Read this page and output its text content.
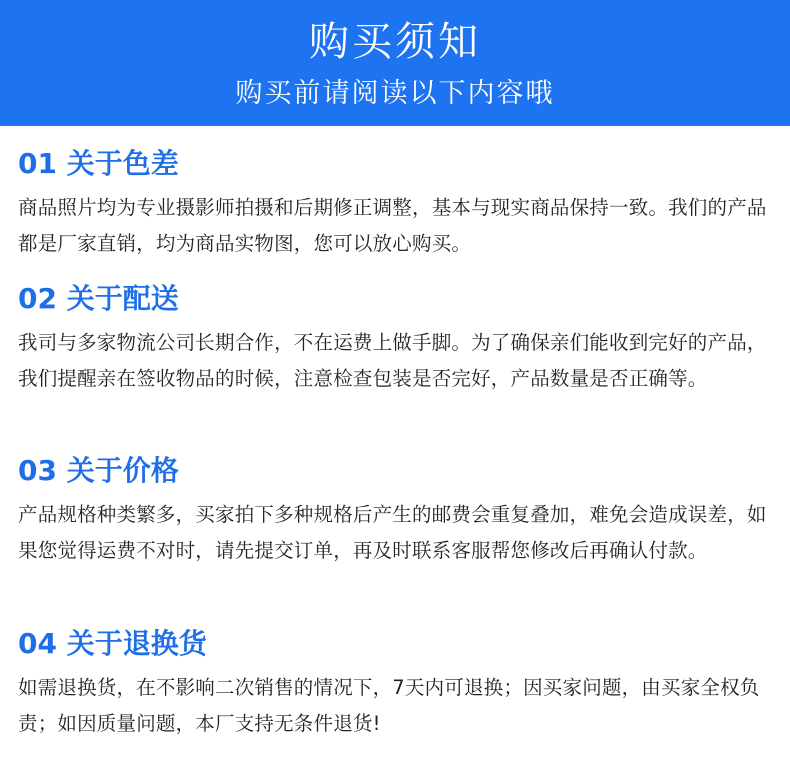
购买须知
购买前请阅读以下内容哦
01 关于色差

商品照片均为专业摄影师拍摄和后期修正调整，基本与现实商品保持一致。我们的产品都是厂家直销，均为商品实物图，您可以放心购买。

02 关于配送

我司与多家物流公司长期合作，不在运费上做手脚。为了确保亲们能收到完好的产品，我们提醒亲在签收物品的时候，注意检查包装是否完好，产品数量是否正确等。

03 关于价格

产品规格种类繁多，买家拍下多种规格后产生的邮费会重复叠加，难免会造成误差，如果您觉得运费不对时，请先提交订单，再及时联系客服帮您修改后再确认付款。

04 关于退换货

如需退换货，在不影响二次销售的情况下，7天内可退换；因买家问题，由买家全权负责；如因质量问题，本厂支持无条件退货!
